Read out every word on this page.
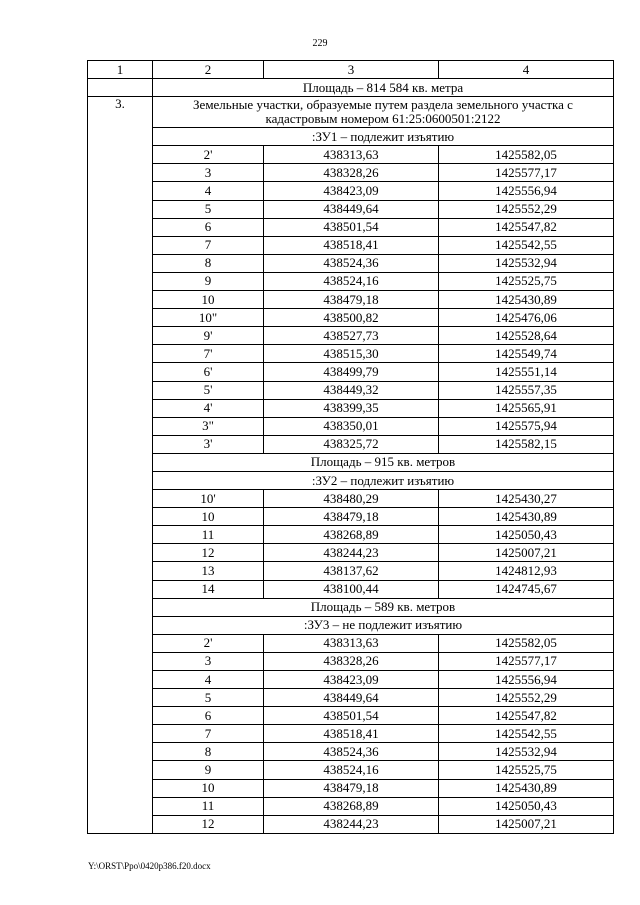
229
1	2	3	4
	Площадь – 814 584 кв. метра		
3.	Земельные участки, образуемые путем раздела земельного участка с кадастровым номером 61:25:0600501:2122		
	:ЗУ1 – подлежит изъятию		
	2'	438313,63	1425582,05
	3	438328,26	1425577,17
	4	438423,09	1425556,94
	5	438449,64	1425552,29
	6	438501,54	1425547,82
	7	438518,41	1425542,55
	8	438524,36	1425532,94
	9	438524,16	1425525,75
	10	438479,18	1425430,89
	10"	438500,82	1425476,06
	9'	438527,73	1425528,64
	7'	438515,30	1425549,74
	6'	438499,79	1425551,14
	5'	438449,32	1425557,35
	4'	438399,35	1425565,91
	3"	438350,01	1425575,94
	3'	438325,72	1425582,15
	Площадь – 915 кв. метров		
	:ЗУ2 – подлежит изъятию		
	10'	438480,29	1425430,27
	10	438479,18	1425430,89
	11	438268,89	1425050,43
	12	438244,23	1425007,21
	13	438137,62	1424812,93
	14	438100,44	1424745,67
	Площадь – 589 кв. метров		
	:ЗУ3 – не подлежит изъятию		
	2'	438313,63	1425582,05
	3	438328,26	1425577,17
	4	438423,09	1425556,94
	5	438449,64	1425552,29
	6	438501,54	1425547,82
	7	438518,41	1425542,55
	8	438524,36	1425532,94
	9	438524,16	1425525,75
	10	438479,18	1425430,89
	11	438268,89	1425050,43
	12	438244,23	1425007,21
Y:\ORST\Ppo\0420p386.f20.docx
